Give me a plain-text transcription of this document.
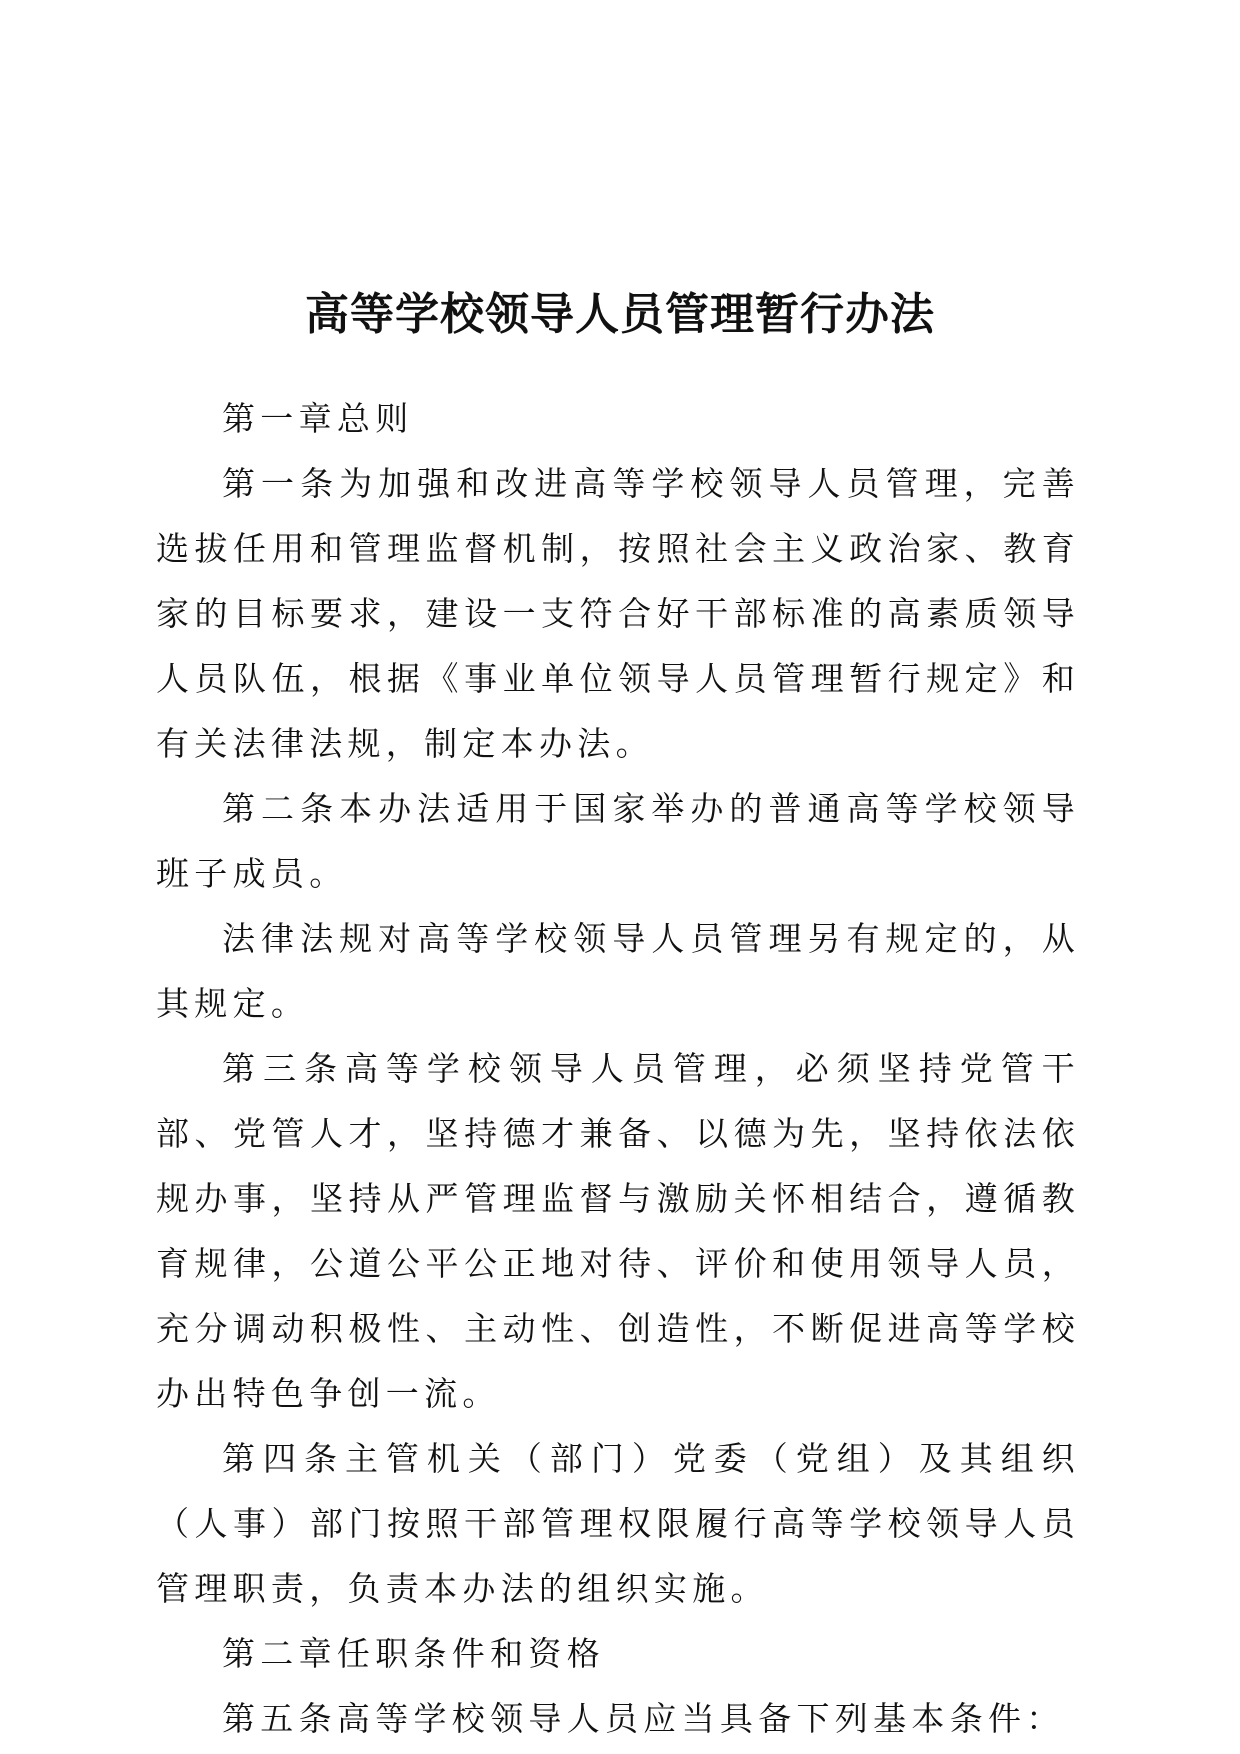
高等学校领导人员管理暂行办法

第一章总则

第一条为加强和改进高等学校领导人员管理，完善选拔任用和管理监督机制，按照社会主义政治家、教育家的目标要求，建设一支符合好干部标准的高素质领导人员队伍，根据《事业单位领导人员管理暂行规定》和有关法律法规，制定本办法。

第二条本办法适用于国家举办的普通高等学校领导班子成员。

法律法规对高等学校领导人员管理另有规定的，从其规定。

第三条高等学校领导人员管理，必须坚持党管干部、党管人才，坚持德才兼备、以德为先，坚持依法依规办事，坚持从严管理监督与激励关怀相结合，遵循教育规律，公道公平公正地对待、评价和使用领导人员，充分调动积极性、主动性、创造性，不断促进高等学校办出特色争创一流。

第四条主管机关（部门）党委（党组）及其组织（人事）部门按照干部管理权限履行高等学校领导人员管理职责，负责本办法的组织实施。

第二章任职条件和资格

第五条高等学校领导人员应当具备下列基本条件：
